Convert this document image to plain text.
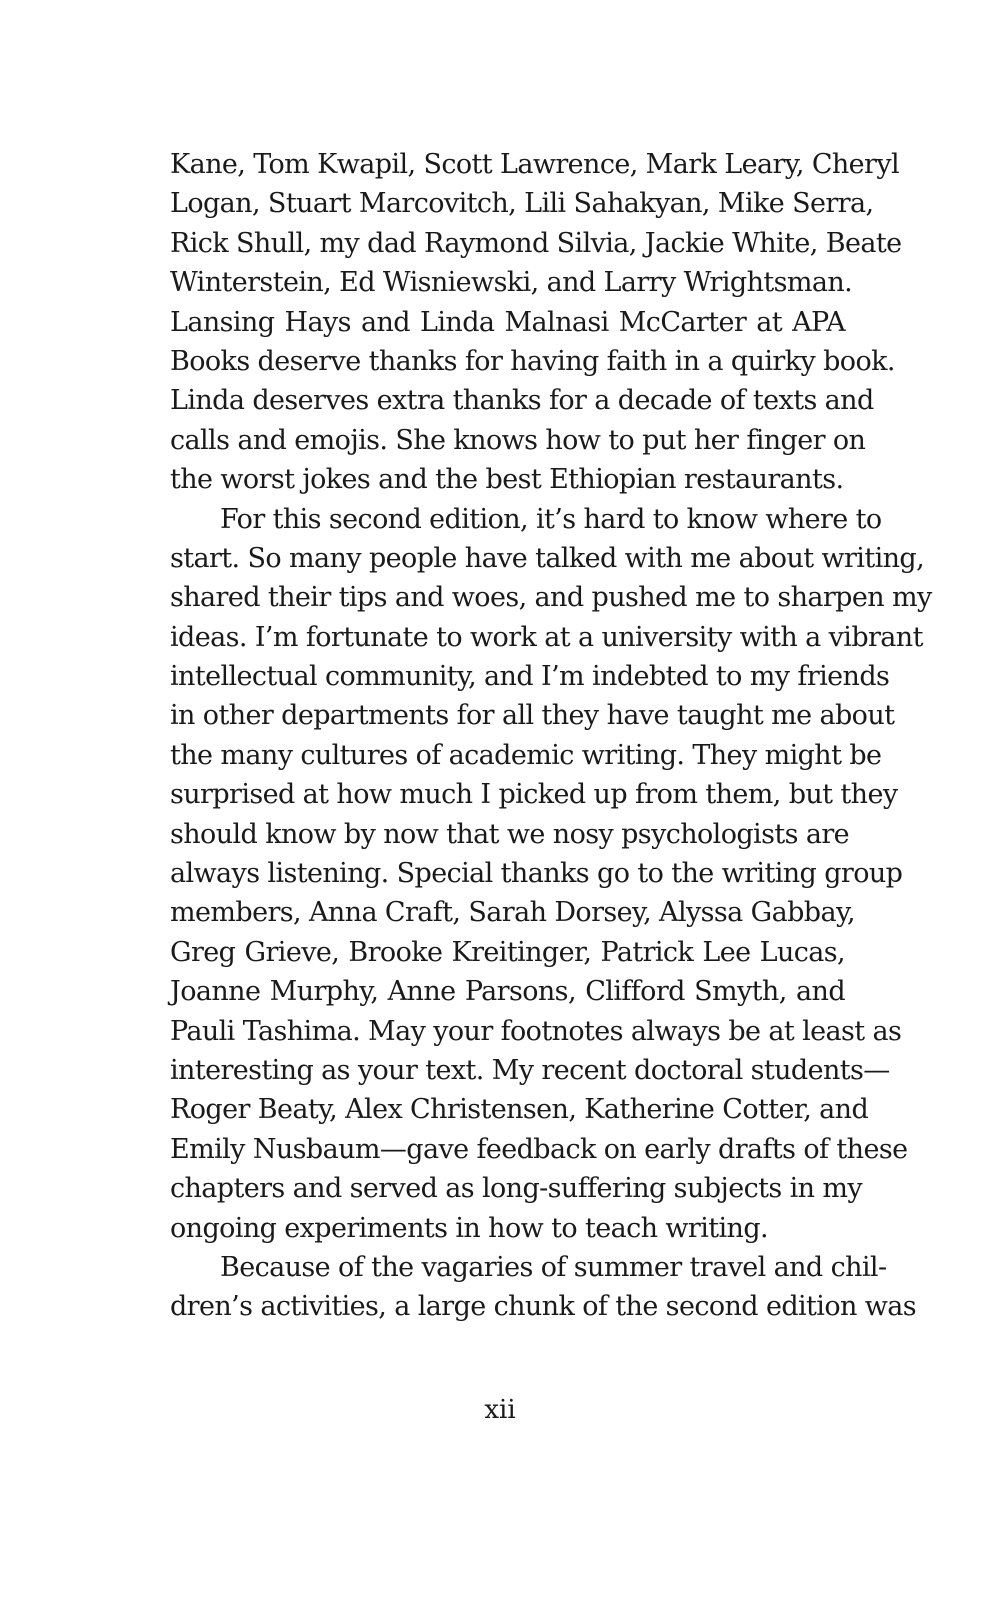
Kane, Tom Kwapil, Scott Lawrence, Mark Leary, Cheryl
Logan, Stuart Marcovitch, Lili Sahakyan, Mike Serra,
Rick Shull, my dad Raymond Silvia, Jackie White, Beate
Winterstein, Ed Wisniewski, and Larry Wrightsman.
Lansing Hays and Linda Malnasi McCarter at APA
Books deserve thanks for having faith in a quirky book.
Linda deserves extra thanks for a decade of texts and
calls and emojis. She knows how to put her finger on
the worst jokes and the best Ethiopian restaurants.
For this second edition, it’s hard to know where to
start. So many people have talked with me about writing,
shared their tips and woes, and pushed me to sharpen my
ideas. I’m fortunate to work at a university with a vibrant
intellectual community, and I’m indebted to my friends
in other departments for all they have taught me about
the many cultures of academic writing. They might be
surprised at how much I picked up from them, but they
should know by now that we nosy psychologists are
always listening. Special thanks go to the writing group
members, Anna Craft, Sarah Dorsey, Alyssa Gabbay,
Greg Grieve, Brooke Kreitinger, Patrick Lee Lucas,
Joanne Murphy, Anne Parsons, Clifford Smyth, and
Pauli Tashima. May your footnotes always be at least as
interesting as your text. My recent doctoral students—
Roger Beaty, Alex Christensen, Katherine Cotter, and
Emily Nusbaum—gave feedback on early drafts of these
chapters and served as long-suffering subjects in my
ongoing experiments in how to teach writing.
Because of the vagaries of summer travel and chil-
dren’s activities, a large chunk of the second edition was
xii
